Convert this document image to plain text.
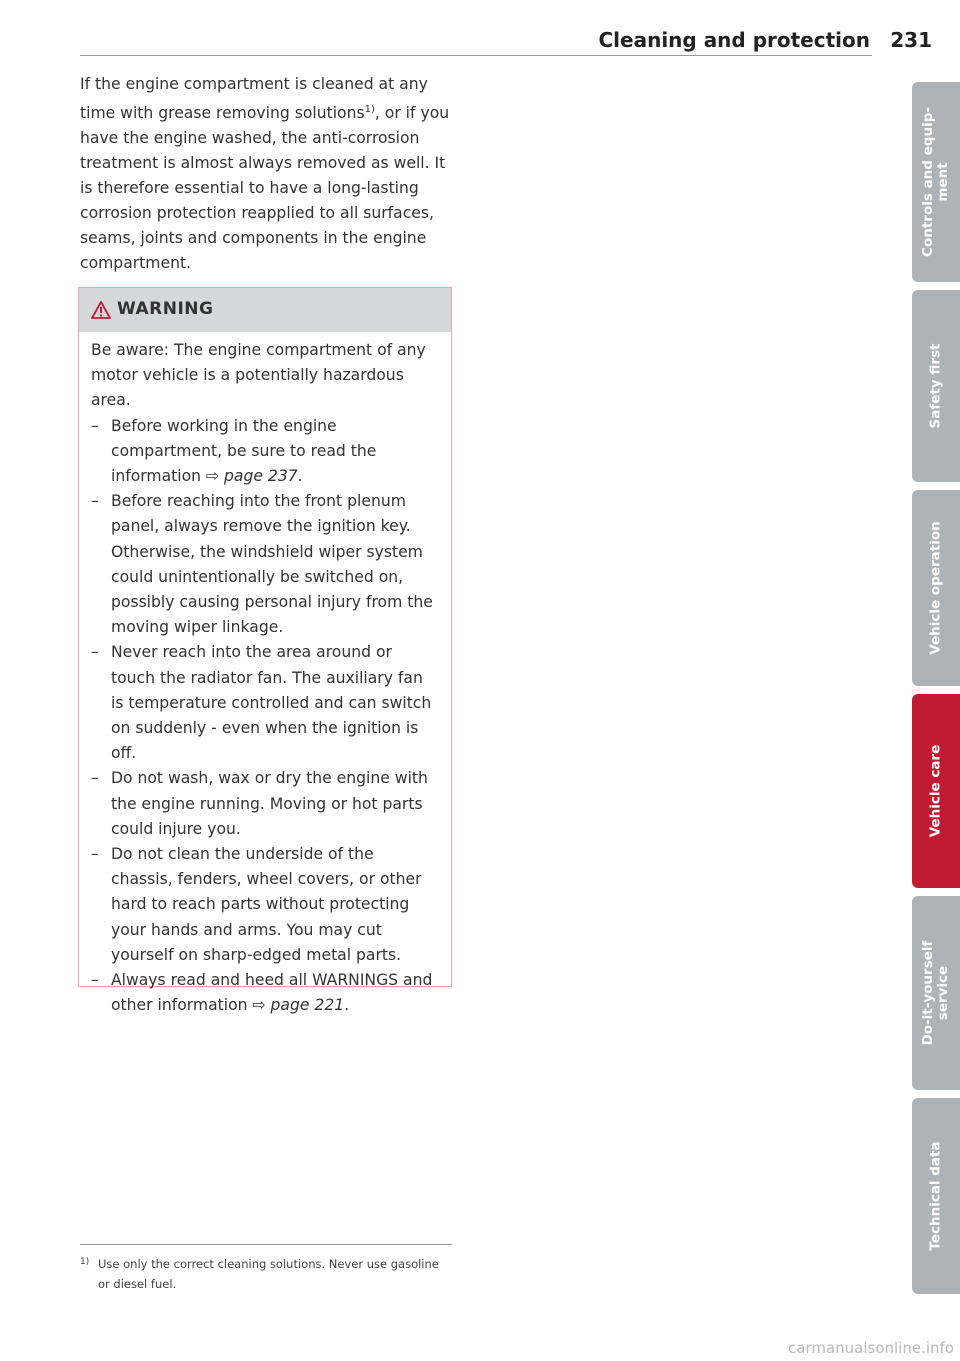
Cleaning and protection 231

If the engine compartment is cleaned at any time with grease removing solutions$^{1)}$, or if you have the engine washed, the anti-corrosion treatment is almost always removed as well. It is therefore essential to have a long-lasting corrosion protection reapplied to all surfaces, seams, joints and components in the engine compartment.

WARNING

Be aware: The engine compartment of any motor vehicle is a potentially hazardous area.

– Before working in the engine compartment, be sure to read the information ⇨ page 237.
– Before reaching into the front plenum panel, always remove the ignition key. Otherwise, the windshield wiper system could unintentionally be switched on, possibly causing personal injury from the moving wiper linkage.
– Never reach into the area around or touch the radiator fan. The auxiliary fan is temperature controlled and can switch on suddenly - even when the ignition is off.
– Do not wash, wax or dry the engine with the engine running. Moving or hot parts could injure you.
– Do not clean the underside of the chassis, fenders, wheel covers, or other hard to reach parts without protecting your hands and arms. You may cut yourself on sharp-edged metal parts.
– Always read and heed all WARNINGS and other information ⇨ page 221.
1) Use only the correct cleaning solutions. Never use gasoline or diesel fuel.
Controls and equip-
ment
Safety first
Vehicle operation
Vehicle care
Do-it-yourself
service
Technical data
carmanualsonline.info
